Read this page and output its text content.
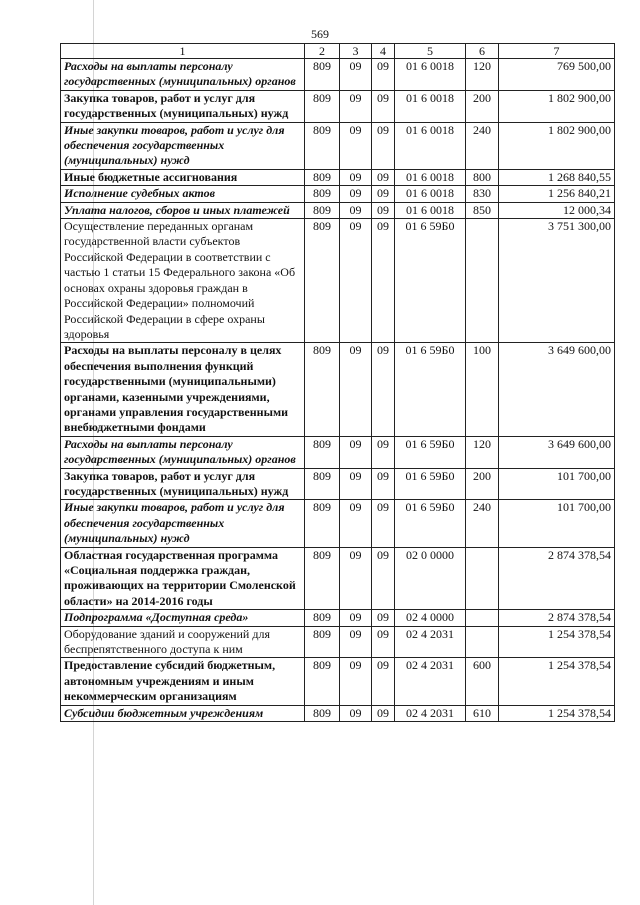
569
1	2	3	4	5	6	7
Расходы на выплаты персоналу государственных (муниципальных) органов	809	09	09	01 6 0018	120	769 500,00
Закупка товаров, работ и услуг для государственных (муниципальных) нужд	809	09	09	01 6 0018	200	1 802 900,00
Иные закупки товаров, работ и услуг для обеспечения государственных (муниципальных) нужд	809	09	09	01 6 0018	240	1 802 900,00
Иные бюджетные ассигнования	809	09	09	01 6 0018	800	1 268 840,55
Исполнение судебных актов	809	09	09	01 6 0018	830	1 256 840,21
Уплата налогов, сборов и иных платежей	809	09	09	01 6 0018	850	12 000,34
Осуществление переданных органам государственной власти субъектов Российской Федерации в соответствии с частью 1 статьи 15 Федерального закона «Об основах охраны здоровья граждан в Российской Федерации» полномочий Российской Федерации в сфере охраны здоровья	809	09	09	01 6 59Б0		3 751 300,00
Расходы на выплаты персоналу в целях обеспечения выполнения функций государственными (муниципальными) органами, казенными учреждениями, органами управления государственными внебюджетными фондами	809	09	09	01 6 59Б0	100	3 649 600,00
Расходы на выплаты персоналу государственных (муниципальных) органов	809	09	09	01 6 59Б0	120	3 649 600,00
Закупка товаров, работ и услуг для государственных (муниципальных) нужд	809	09	09	01 6 59Б0	200	101 700,00
Иные закупки товаров, работ и услуг для обеспечения государственных (муниципальных) нужд	809	09	09	01 6 59Б0	240	101 700,00
Областная государственная программа «Социальная поддержка граждан, проживающих на территории Смоленской области» на 2014-2016 годы	809	09	09	02 0 0000		2 874 378,54
Подпрограмма «Доступная среда»	809	09	09	02 4 0000		2 874 378,54
Оборудование зданий и сооружений для беспрепятственного доступа к ним	809	09	09	02 4 2031		1 254 378,54
Предоставление субсидий бюджетным, автономным учреждениям и иным некоммерческим организациям	809	09	09	02 4 2031	600	1 254 378,54
Субсидии бюджетным учреждениям	809	09	09	02 4 2031	610	1 254 378,54
